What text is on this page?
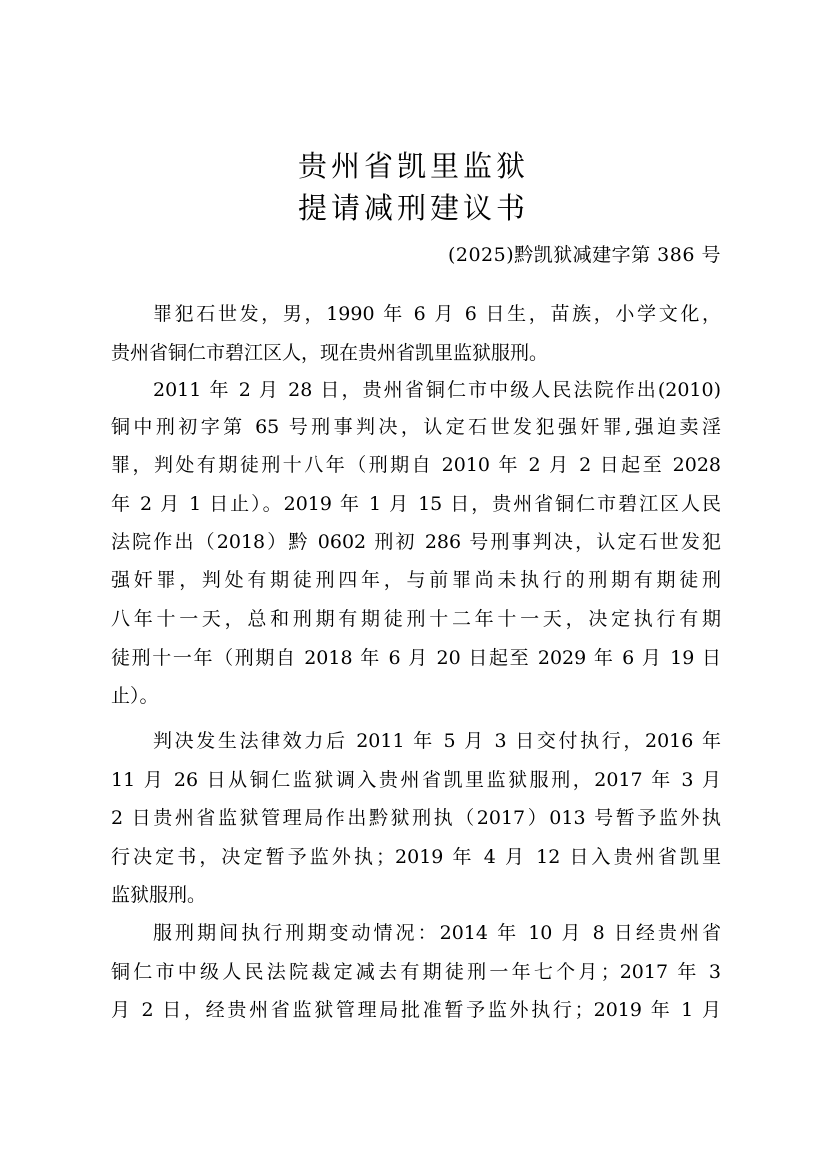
贵州省凯里监狱
提请减刑建议书
(2025)黔凯狱减建字第 386 号
罪犯石世发，男，1990 年 6 月 6 日生，苗族，小学文化，
贵州省铜仁市碧江区人，现在贵州省凯里监狱服刑。
2011 年 2 月 28 日，贵州省铜仁市中级人民法院作出(2010)
铜中刑初字第 65 号刑事判决，认定石世发犯强奸罪,强迫卖淫
罪，判处有期徒刑十八年（刑期自 2010 年 2 月 2 日起至 2028
年 2 月 1 日止）。2019 年 1 月 15 日，贵州省铜仁市碧江区人民
法院作出（2018）黔 0602 刑初 286 号刑事判决，认定石世发犯
强奸罪，判处有期徒刑四年，与前罪尚未执行的刑期有期徒刑
八年十一天，总和刑期有期徒刑十二年十一天，决定执行有期
徒刑十一年（刑期自 2018 年 6 月 20 日起至 2029 年 6 月 19 日
止）。
判决发生法律效力后 2011 年 5 月 3 日交付执行，2016 年
11 月 26 日从铜仁监狱调入贵州省凯里监狱服刑，2017 年 3 月
2 日贵州省监狱管理局作出黔狱刑执（2017）013 号暂予监外执
行决定书，决定暂予监外执；2019 年 4 月 12 日入贵州省凯里
监狱服刑。
服刑期间执行刑期变动情况：2014 年 10 月 8 日经贵州省
铜仁市中级人民法院裁定减去有期徒刑一年七个月；2017 年 3
月 2 日，经贵州省监狱管理局批准暂予监外执行；2019 年 1 月
